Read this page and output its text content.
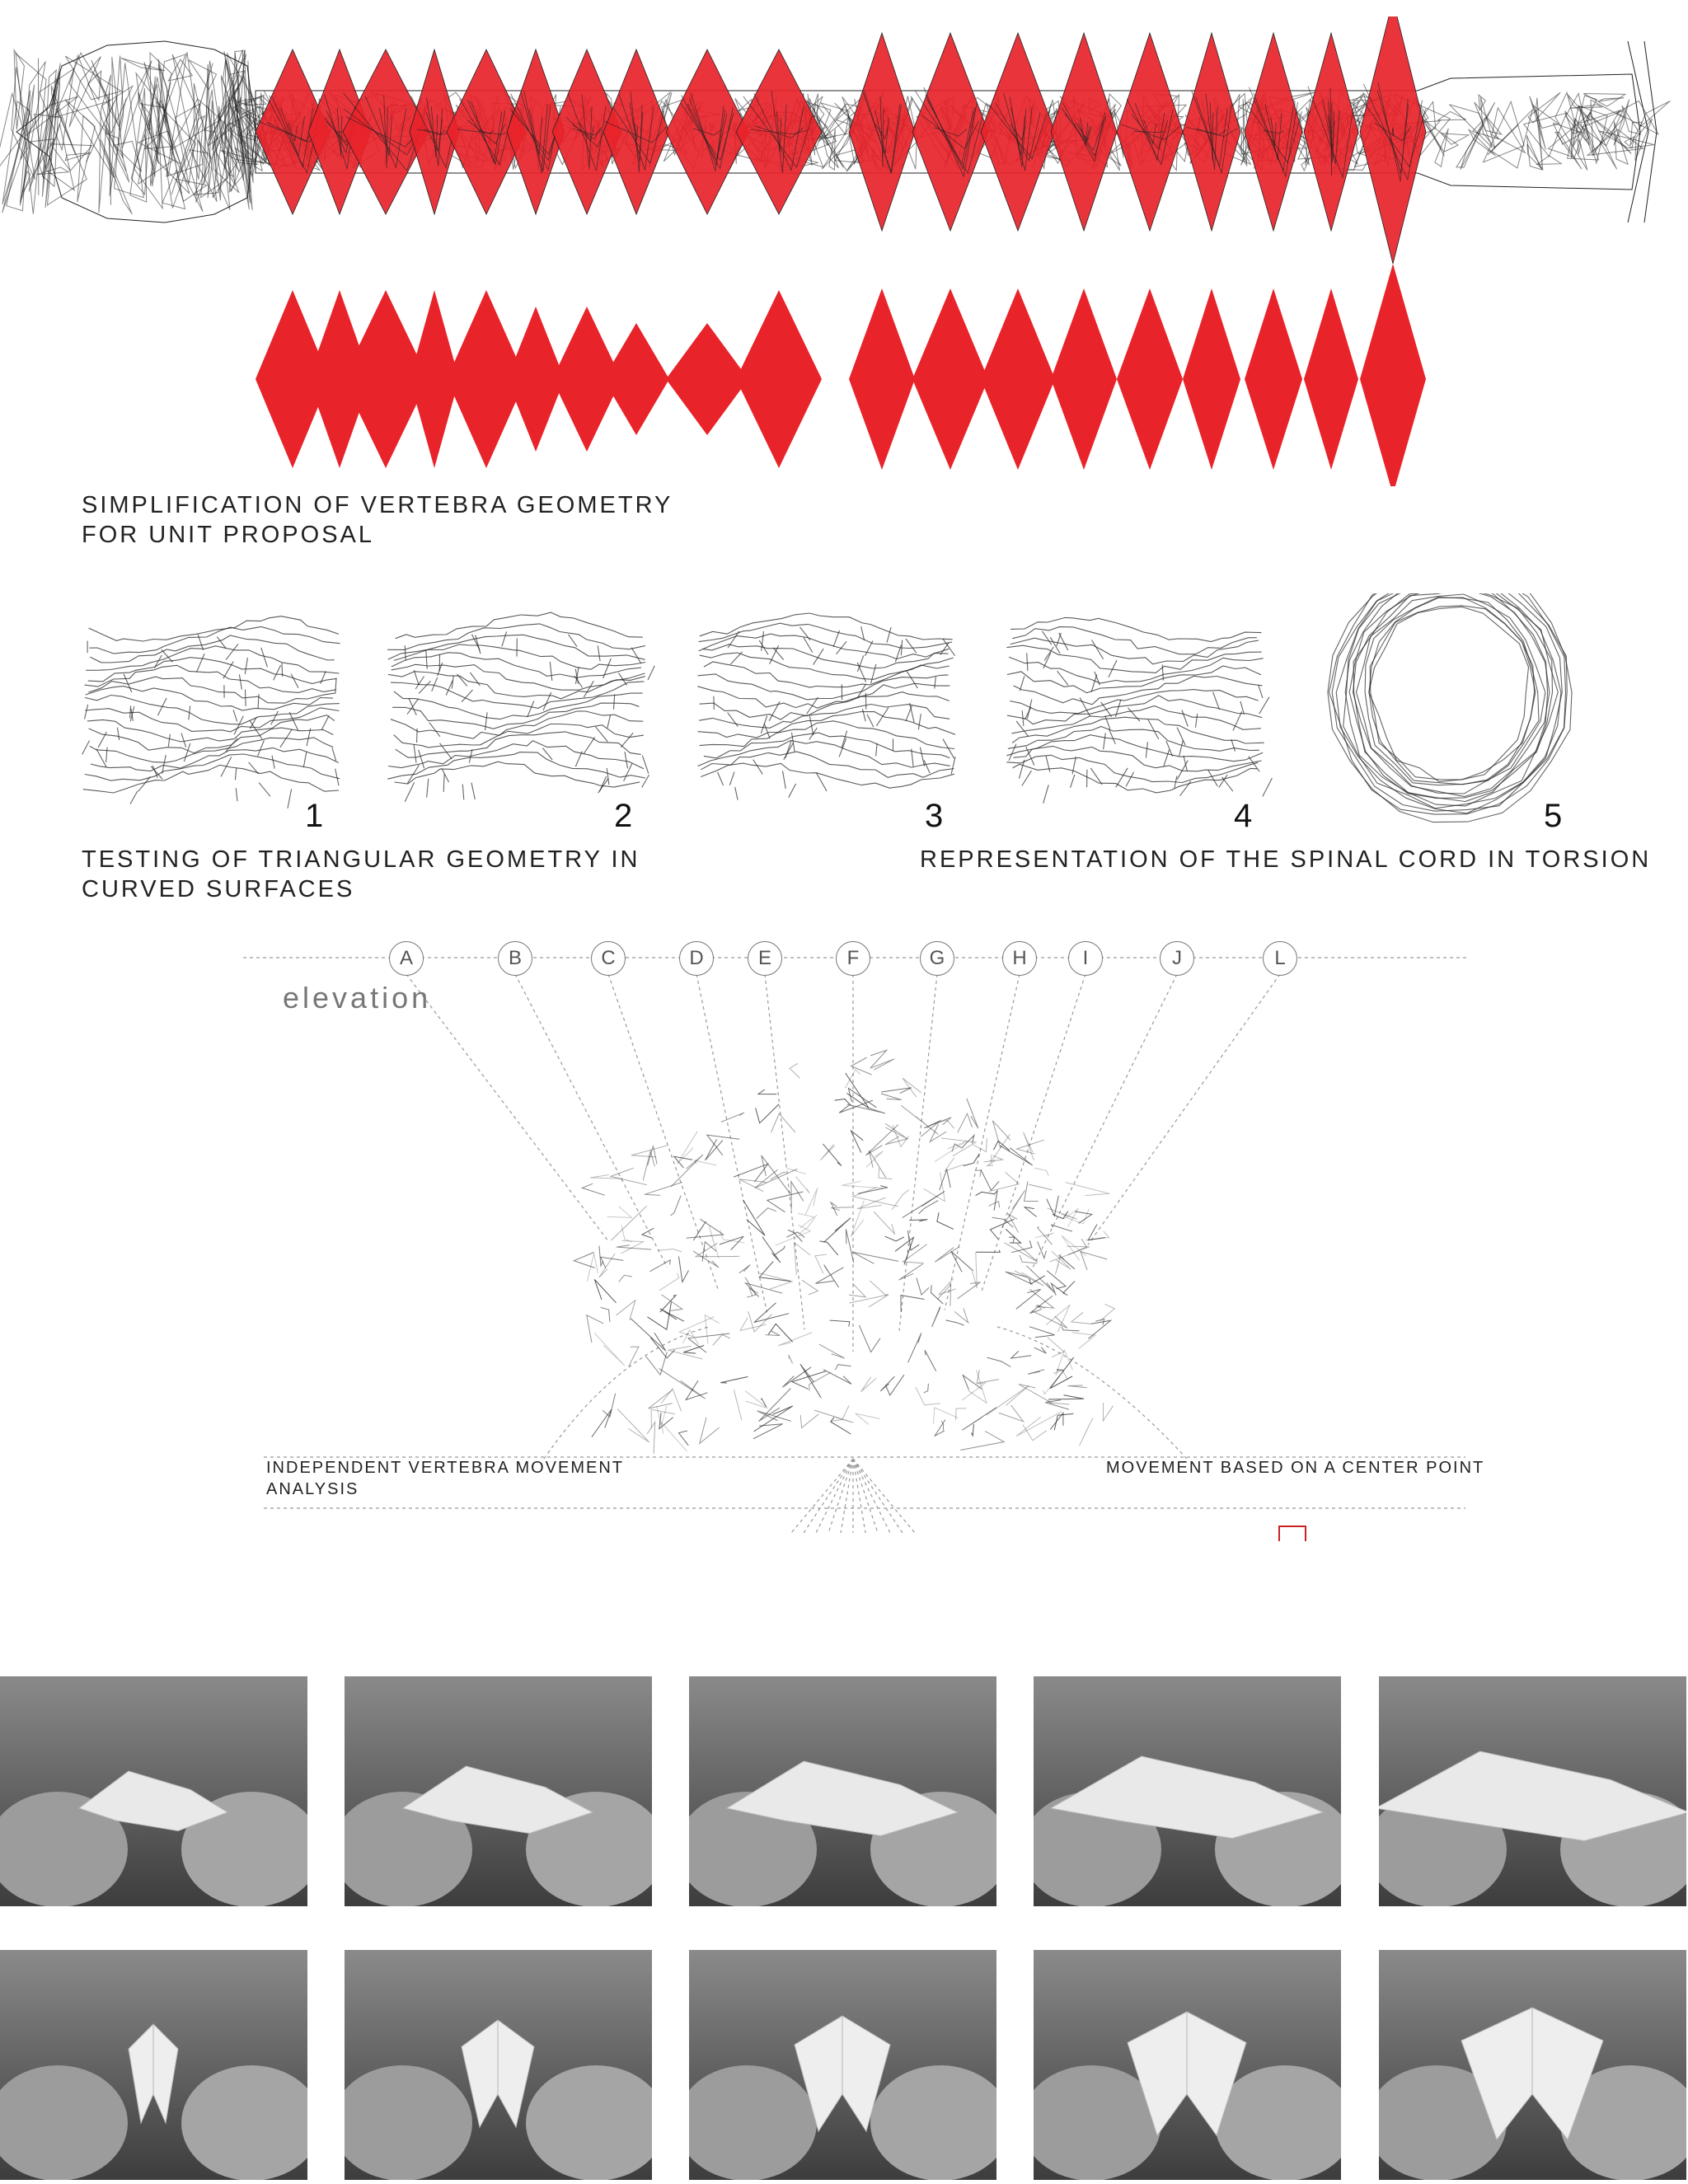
SIMPLIFICATION OF VERTEBRA GEOMETRY
FOR UNIT PROPOSAL
1	2	3	4	5
TESTING OF TRIANGULAR GEOMETRY IN
CURVED SURFACES
REPRESENTATION OF THE SPINAL CORD IN TORSION
A	B	C	D	E	F	G	H	I	J	L
elevation
INDEPENDENT VERTEBRA MOVEMENT
ANALYSIS
MOVEMENT BASED ON A CENTER POINT
